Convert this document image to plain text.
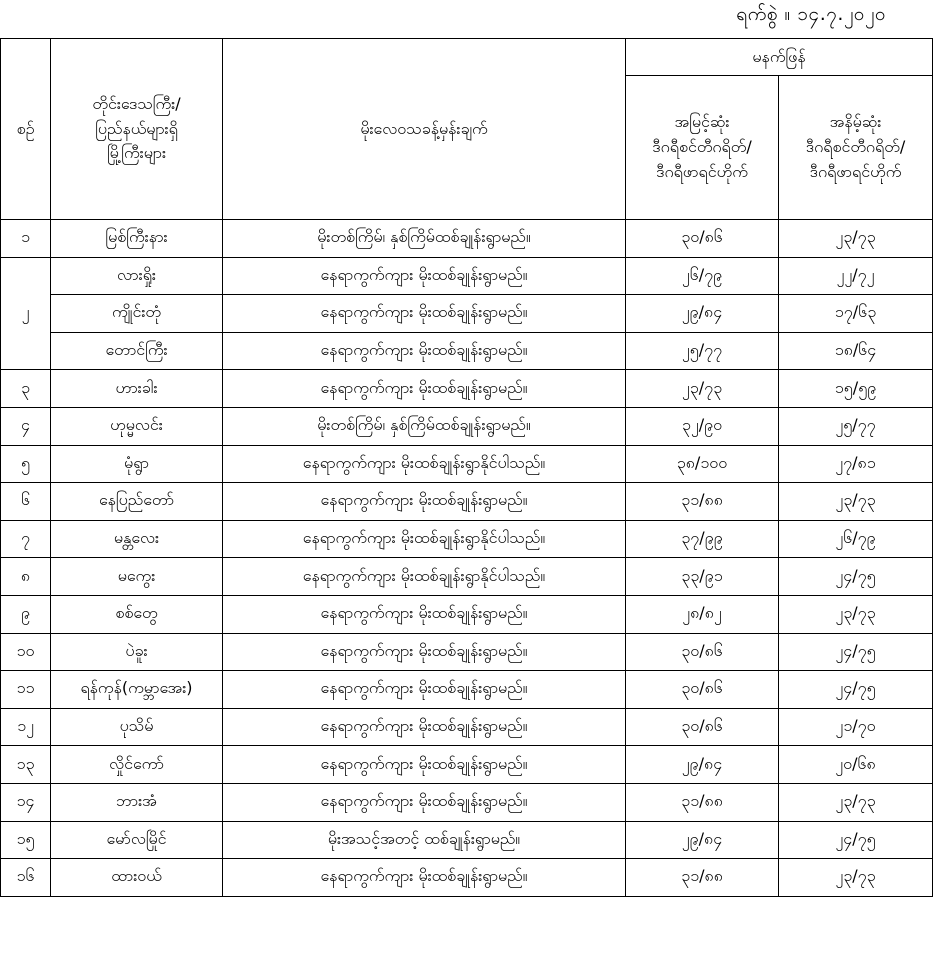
ရက်စွဲ ။ ၁၄.၇.၂၀၂၀
စဉ်	တိုင်းဒေသကြီး/
ပြည်နယ်များရှိ
မြို့ကြီးများ	မိုးလေဝသခန့်မှန်းချက်	မနက်ဖြန်	

			အမြင့်ဆုံး
ဒီဂရီစင်တီဂရိတ်/
ဒီဂရီဖာရင်ဟိုက်	အနိမ့်ဆုံး
ဒီဂရီစင်တီဂရိတ်/
ဒီဂရီဖာရင်ဟိုက်

၁	မြစ်ကြီးနား	မိုးတစ်ကြိမ်၊ နှစ်ကြိမ်ထစ်ချုန်းရွာမည်။	၃၀/၈၆	၂၃/၇၃
၂	လားရှိုး	နေရာကွက်ကျား မိုးထစ်ချုန်းရွာမည်။	၂၆/၇၉	၂၂/၇၂
	ကျိုင်းတုံ	နေရာကွက်ကျား မိုးထစ်ချုန်းရွာမည်။	၂၉/၈၄	၁၇/၆၃
	တောင်ကြီး	နေရာကွက်ကျား မိုးထစ်ချုန်းရွာမည်။	၂၅/၇၇	၁၈/၆၄
၃	ဟားခါး	နေရာကွက်ကျား မိုးထစ်ချုန်းရွာမည်။	၂၃/၇၃	၁၅/၅၉
၄	ဟုမ္မလင်း	မိုးတစ်ကြိမ်၊ နှစ်ကြိမ်ထစ်ချုန်းရွာမည်။	၃၂/၉၀	၂၅/၇၇
၅	မုံရွာ	နေရာကွက်ကျား မိုးထစ်ချုန်းရွာနိုင်ပါသည်။	၃၈/၁၀၀	၂၇/၈၁
၆	နေပြည်တော်	နေရာကွက်ကျား မိုးထစ်ချုန်းရွာမည်။	၃၁/၈၈	၂၃/၇၃
၇	မန္တလေး	နေရာကွက်ကျား မိုးထစ်ချုန်းရွာနိုင်ပါသည်။	၃၇/၉၉	၂၆/၇၉
၈	မကွေး	နေရာကွက်ကျား မိုးထစ်ချုန်းရွာနိုင်ပါသည်။	၃၃/၉၁	၂၄/၇၅
၉	စစ်တွေ	နေရာကွက်ကျား မိုးထစ်ချုန်းရွာမည်။	၂၈/၈၂	၂၃/၇၃
၁၀	ပဲခူး	နေရာကွက်ကျား မိုးထစ်ချုန်းရွာမည်။	၃၀/၈၆	၂၄/၇၅
၁၁	ရန်ကုန်(ကမ္ဘာအေး)	နေရာကွက်ကျား မိုးထစ်ချုန်းရွာမည်။	၃၀/၈၆	၂၄/၇၅
၁၂	ပုသိမ်	နေရာကွက်ကျား မိုးထစ်ချုန်းရွာမည်။	၃၀/၈၆	၂၁/၇၀
၁၃	လှိုင်ကော်	နေရာကွက်ကျား မိုးထစ်ချုန်းရွာမည်။	၂၉/၈၄	၂၀/၆၈
၁၄	ဘားအံ	နေရာကွက်ကျား မိုးထစ်ချုန်းရွာမည်။	၃၁/၈၈	၂၃/၇၃
၁၅	မော်လမြိုင်	မိုးအသင့်အတင့် ထစ်ချုန်းရွာမည်။	၂၉/၈၄	၂၄/၇၅
၁၆	ထားဝယ်	နေရာကွက်ကျား မိုးထစ်ချုန်းရွာမည်။	၃၁/၈၈	၂၃/၇၃
